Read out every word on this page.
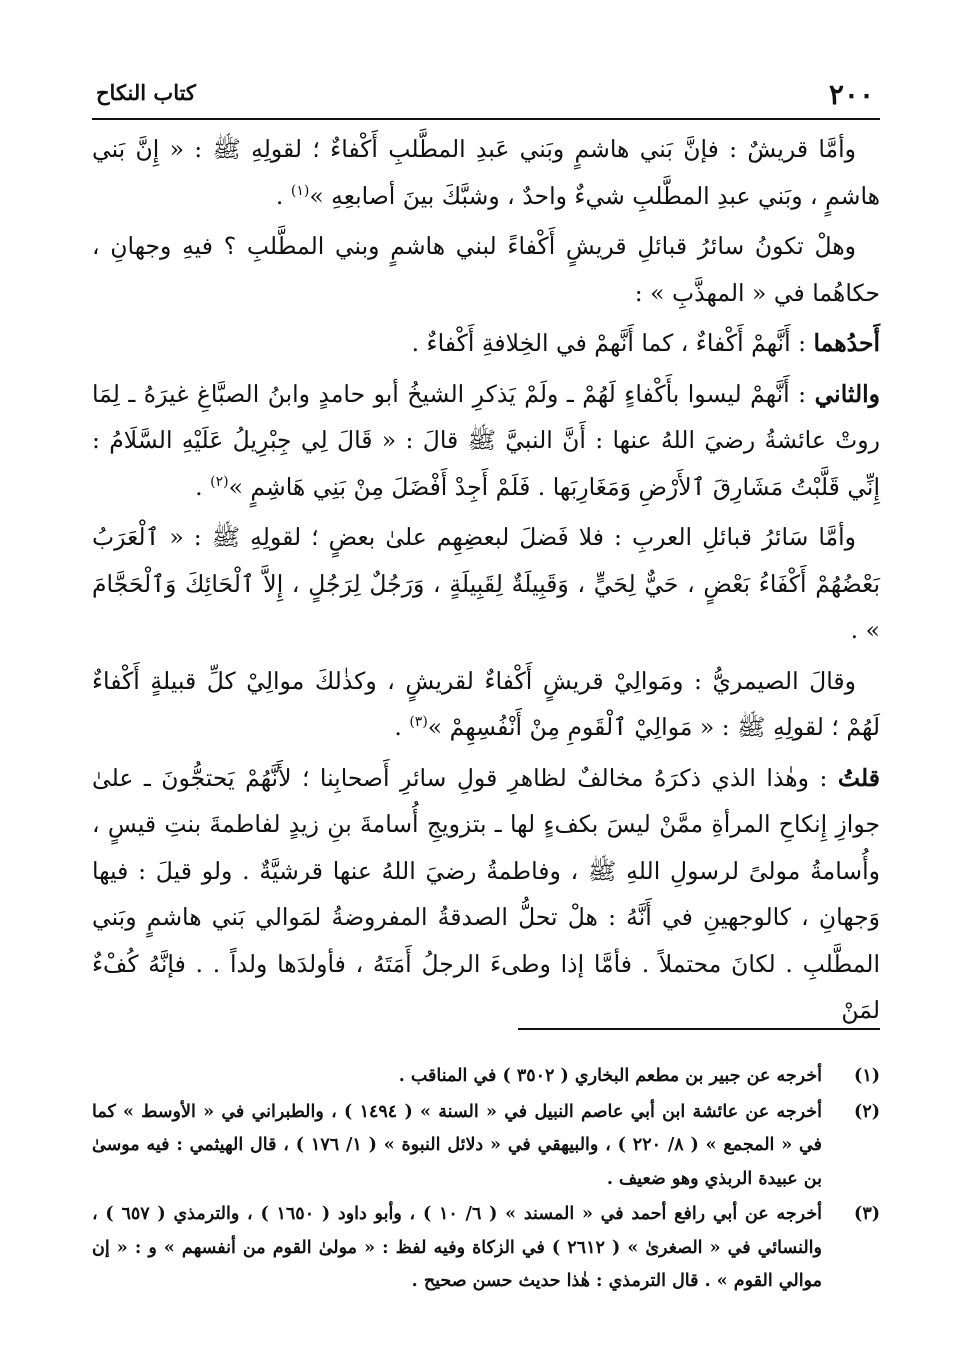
٢٠٠
كتاب النكاح

وأمَّا قريشٌ : فإنَّ بَني هاشمٍ وبَني عَبدِ المطَّلبِ أَكْفاءٌ ؛ لقولِهِ ﷺ : « إِنَّ بَني هاشمٍ ، وبَني عبدِ المطَّلبِ شيءٌ واحدٌ ، وشبَّكَ بينَ أصابعِهِ »$^{(١)}$ .

وهلْ تكونُ سائرُ قبائلِ قريشٍ أَكْفاءً لبني هاشمٍ وبني المطَّلبِ ؟ فيهِ وجهانِ ، حكاهُما في « المهذَّبِ » :

أَحدُهما : أَنَّهمْ أَكْفاءٌ ، كما أَنَّهمْ في الخِلافةِ أَكْفاءٌ .

والثاني : أَنَّهمْ ليسوا بأَكْفاءٍ لَهُمْ ـ ولَمْ يَذكرِ الشيخُ أبو حامدٍ وابنُ الصبَّاغِ غيرَهُ ـ لِمَا روتْ عائشةُ رضيَ اللهُ عنها : أَنَّ النبيَّ ﷺ قالَ : « قَالَ لِي جِبْرِيلُ عَلَيْهِ السَّلَامُ : إِنِّي قَلَّبْتُ مَشَارِقَ ٱلأَرْضِ وَمَغَارِبَها . فَلَمْ أَجِدْ أَفْضَلَ مِنْ بَنِي هَاشِمٍ »$^{(٢)}$ .

وأمَّا سَائرُ قبائلِ العربِ : فلا فَضلَ لبعضِهِم علىٰ بعضٍ ؛ لقولِهِ ﷺ : « ٱلْعَرَبُ بَعْضُهُمْ أَكْفَاءُ بَعْضٍ ، حَيٌّ لِحَيٍّ ، وَقَبِيلَةٌ لِقَبِيلَةٍ ، وَرَجُلٌ لِرَجُلٍ ، إِلاَّ ٱلْحَائِكَ وَٱلْحَجَّامَ » .

وقالَ الصيمريُّ : ومَوالِيْ قريشٍ أَكْفاءٌ لقريشٍ ، وكذٰلكَ موالِيْ كلِّ قبيلةٍ أَكْفاءٌ لَهُمْ ؛ لقولِهِ ﷺ : « مَوالِيْ ٱلْقَومِ مِنْ أَنْفُسِهِمْ »$^{(٣)}$ .

قلتُ : وهٰذا الذي ذكرَهُ مخالفٌ لظاهرِ قولِ سائرِ أَصحابِنا ؛ لأَنَّهُمْ يَحتجُّونَ ـ علىٰ جوازِ إِنكاحِ المرأةِ ممَّنْ ليسَ بكفءٍ لها ـ بتزويجِ أُسامةَ بنِ زيدٍ لفاطمةَ بنتِ قيسٍ ، وأُسامةُ مولىً لرسولِ اللهِ ﷺ ، وفاطمةُ رضيَ اللهُ عنها قرشيَّةٌ . ولو قيلَ : فيها وَجهانِ ، كالوجهينِ في أَنَّهُ : هلْ تحلُّ الصدقةُ المفروضةُ لمَوالي بَني هاشمٍ وبَني المطَّلبِ . لكانَ محتملاً . فأمَّا إذا وطىءَ الرجلُ أَمَتَهُ ، فأولدَها ولداً . . فإنَّهُ كُفْءٌ لمَنْ

(١)
أخرجه عن جبير بن مطعم البخاري ( ٣٥٠٢ ) في المناقب .
(٢)
أخرجه عن عائشة ابن أبي عاصم النبيل في « السنة » ( ١٤٩٤ ) ، والطبراني في « الأوسط » كما في « المجمع » ( ٨/ ٢٢٠ ) ، والبيهقي في « دلائل النبوة » ( ١/ ١٧٦ ) ، قال الهيثمي : فيه موسىٰ بن عبيدة الربذي وهو ضعيف .
(٣)
أخرجه عن أبي رافع أحمد في « المسند » ( ٦/ ١٠ ) ، وأبو داود ( ١٦٥٠ ) ، والترمذي ( ٦٥٧ ) ، والنسائي في « الصغرىٰ » ( ٢٦١٢ ) في الزكاة وفيه لفظ : « مولىٰ القوم من أنفسهم » و : « إن موالي القوم » . قال الترمذي : هٰذا حديث حسن صحيح .
